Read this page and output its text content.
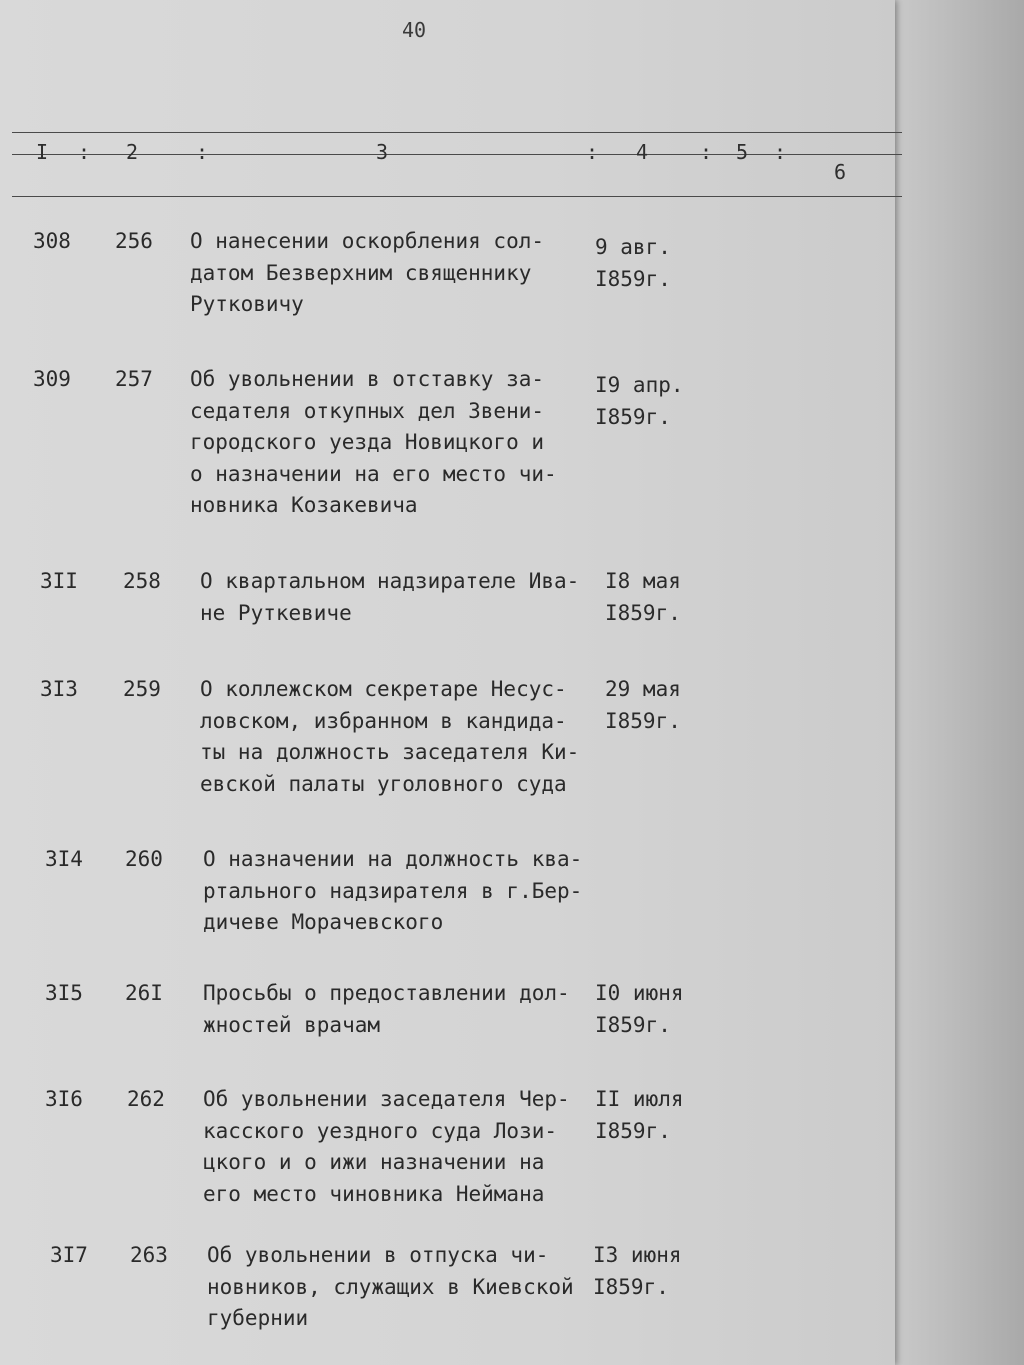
40
I : 2	:	3	: 4	: 5 :
6
308 256 О нанесении оскорбления сол-
датом Безверхним священнику
Рутковичу
9 авг.
I859г.
309 257 Об увольнении в отставку за-
седателя откупных дел Звени-
городского уезда Новицкого и
о назначении на его место чи-
новника Козакевича
I9 апр.
I859г.
3II 258 О квартальном надзирателе Ива-
не Руткевиче
I8 мая
I859г.
3I3 259 О коллежском секретаре Несус-
ловском, избранном в кандида-
ты на должность заседателя Ки-
евской палаты уголовного суда
29 мая
I859г.
3I4 260 О назначении на должность ква-
ртального надзирателя в г.Бер-
дичеве Морачевского
3I5 26I Просьбы о предоставлении дол-
жностей врачам
I0 июня
I859г.
3I6 262 Об увольнении заседателя Чер-
касского уездного суда Лози-
цкого и о ижи назначении на
его место чиновника Неймана
II июля
I859г.
3I7 263 Об увольнении в отпуска чи-
новников, служащих в Киевской
губернии
I3 июня
I859г.
